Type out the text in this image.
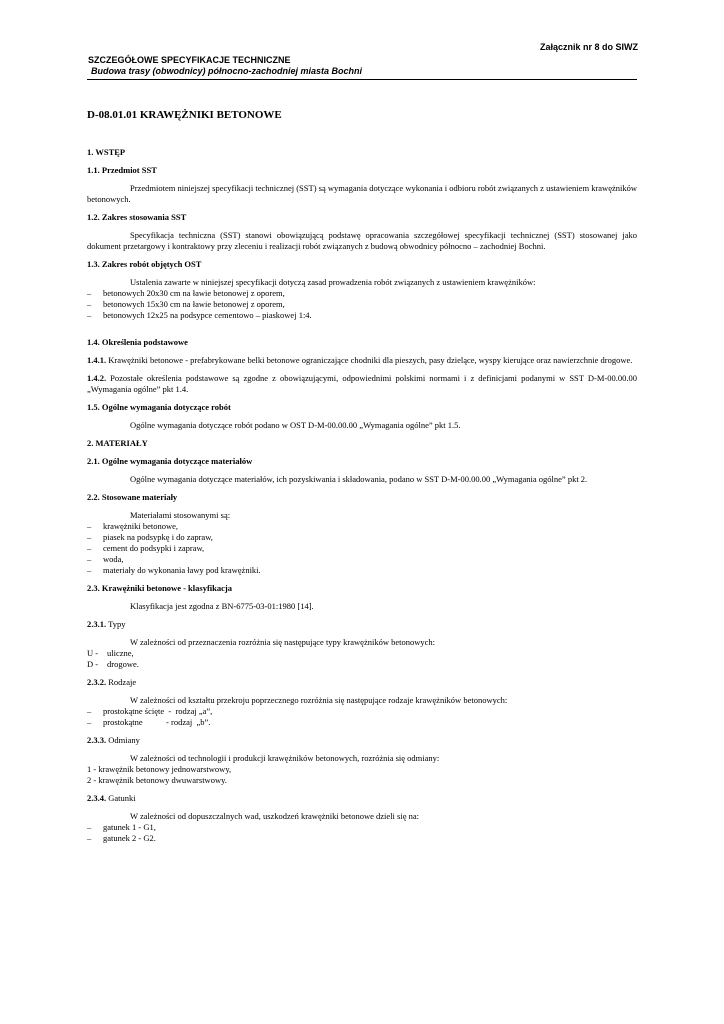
Załącznik nr 8 do SIWZ
SZCZEGÓŁOWE SPECYFIKACJE TECHNICZNE
Budowa trasy (obwodnicy) północno-zachodniej miasta Bochni
D-08.01.01 KRAWĘŻNIKI BETONOWE
1. WSTĘP
1.1. Przedmiot SST

Przedmiotem niniejszej specyfikacji technicznej (SST) są wymagania dotyczące wykonania i odbioru robót związanych z ustawieniem krawężników betonowych.

1.2. Zakres stosowania SST

Specyfikacja techniczna (SST) stanowi obowiązującą podstawę opracowania szczegółowej specyfikacji technicznej (SST) stosowanej jako dokument przetargowy i kontraktowy przy zleceniu i realizacji robót związanych z budową obwodnicy północno – zachodniej Bochni.

1.3. Zakres robót objętych OST
Ustalenia zawarte w niniejszej specyfikacji dotyczą zasad prowadzenia robót związanych z ustawieniem krawężników:
– betonowych 20x30 cm na ławie betonowej z oporem,
– betonowych 15x30 cm na ławie betonowej z oporem,
– betonowych 12x25 na podsypce cementowo – piaskowej 1:4.
1.4. Określenia podstawowe

1.4.1. Krawężniki betonowe - prefabrykowane belki betonowe ograniczające chodniki dla pieszych, pasy dzielące, wyspy kierujące oraz nawierzchnie drogowe.

1.4.2. Pozostałe określenia podstawowe są zgodne z obowiązującymi, odpowiednimi polskimi normami i z definicjami podanymi w SST D-M-00.00.00 „Wymagania ogólne” pkt 1.4.

1.5. Ogólne wymagania dotyczące robót

Ogólne wymagania dotyczące robót podano w OST D-M-00.00.00 „Wymagania ogólne” pkt 1.5.

2. MATERIAŁY
2.1. Ogólne wymagania dotyczące materiałów

Ogólne wymagania dotyczące materiałów, ich pozyskiwania i składowania, podano w SST D-M-00.00.00 „Wymagania ogólne” pkt 2.

2.2. Stosowane materiały
Materiałami stosowanymi są:
– krawężniki betonowe,
– piasek na podsypkę i do zapraw,
– cement do podsypki i zapraw,
– woda,
– materiały do wykonania ławy pod krawężniki.
2.3. Krawężniki betonowe - klasyfikacja

Klasyfikacja jest zgodna z BN-6775-03-01:1980 [14].

2.3.1. Typy
W zależności od przeznaczenia rozróżnia się następujące typy krawężników betonowych:
U - uliczne,
D - drogowe.
2.3.2. Rodzaje
W zależności od kształtu przekroju poprzecznego rozróżnia się następujące rodzaje krawężników betonowych:
– prostokątne ścięte  -  rodzaj „a”,
– prostokątne           - rodzaj  „b”.
2.3.3. Odmiany
W zależności od technologii i produkcji krawężników betonowych, rozróżnia się odmiany:
1 - krawężnik betonowy jednowarstwowy,
2 - krawężnik betonowy dwuwarstwowy.
2.3.4. Gatunki
W zależności od dopuszczalnych wad, uszkodzeń krawężniki betonowe dzieli się na:
– gatunek 1 - G1,
– gatunek 2 - G2.
